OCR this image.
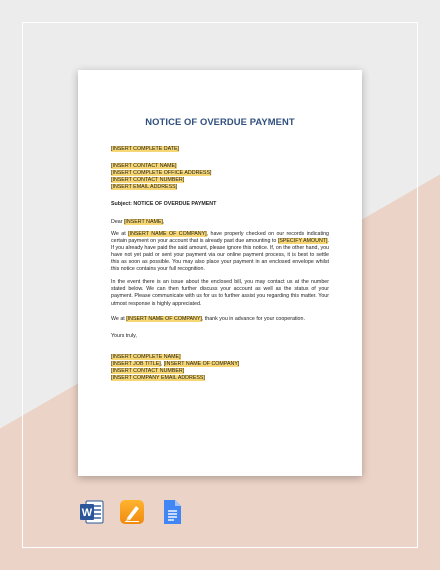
NOTICE OF OVERDUE PAYMENT

[INSERT COMPLETE DATE]

[INSERT CONTACT NAME]

[INSERT COMPLETE OFFICE ADDRESS]

[INSERT CONTACT NUMBER]

[INSERT EMAIL ADDRESS]

Subject: NOTICE OF OVERDUE PAYMENT

Dear [INSERT NAME],

We at [INSERT NAME OF COMPANY], have properly checked on our records indicating certain payment on your account that is already past due amounting to [SPECIFY AMOUNT]. If you already have paid the said amount, please ignore this notice. If, on the other hand, you have not yet paid or sent your payment via our online payment process, it is best to settle this as soon as possible. You may also place your payment in an enclosed envelope whilst this notice contains your full recognition.

In the event there is an issue about the enclosed bill, you may contact us at the number stated below. We can then further discuss your account as well as the status of your payment. Please communicate with us for us to further assist you regarding this matter. Your utmost response is highly appreciated.

We at [INSERT NAME OF COMPANY], thank you in advance for your cooperation.

Yours truly,

[INSERT COMPLETE NAME]

[INSERT JOB TITLE], [INSERT NAME OF COMPANY]

[INSERT CONTACT NUMBER]

[INSERT COMPANY EMAIL ADDRESS]

W
